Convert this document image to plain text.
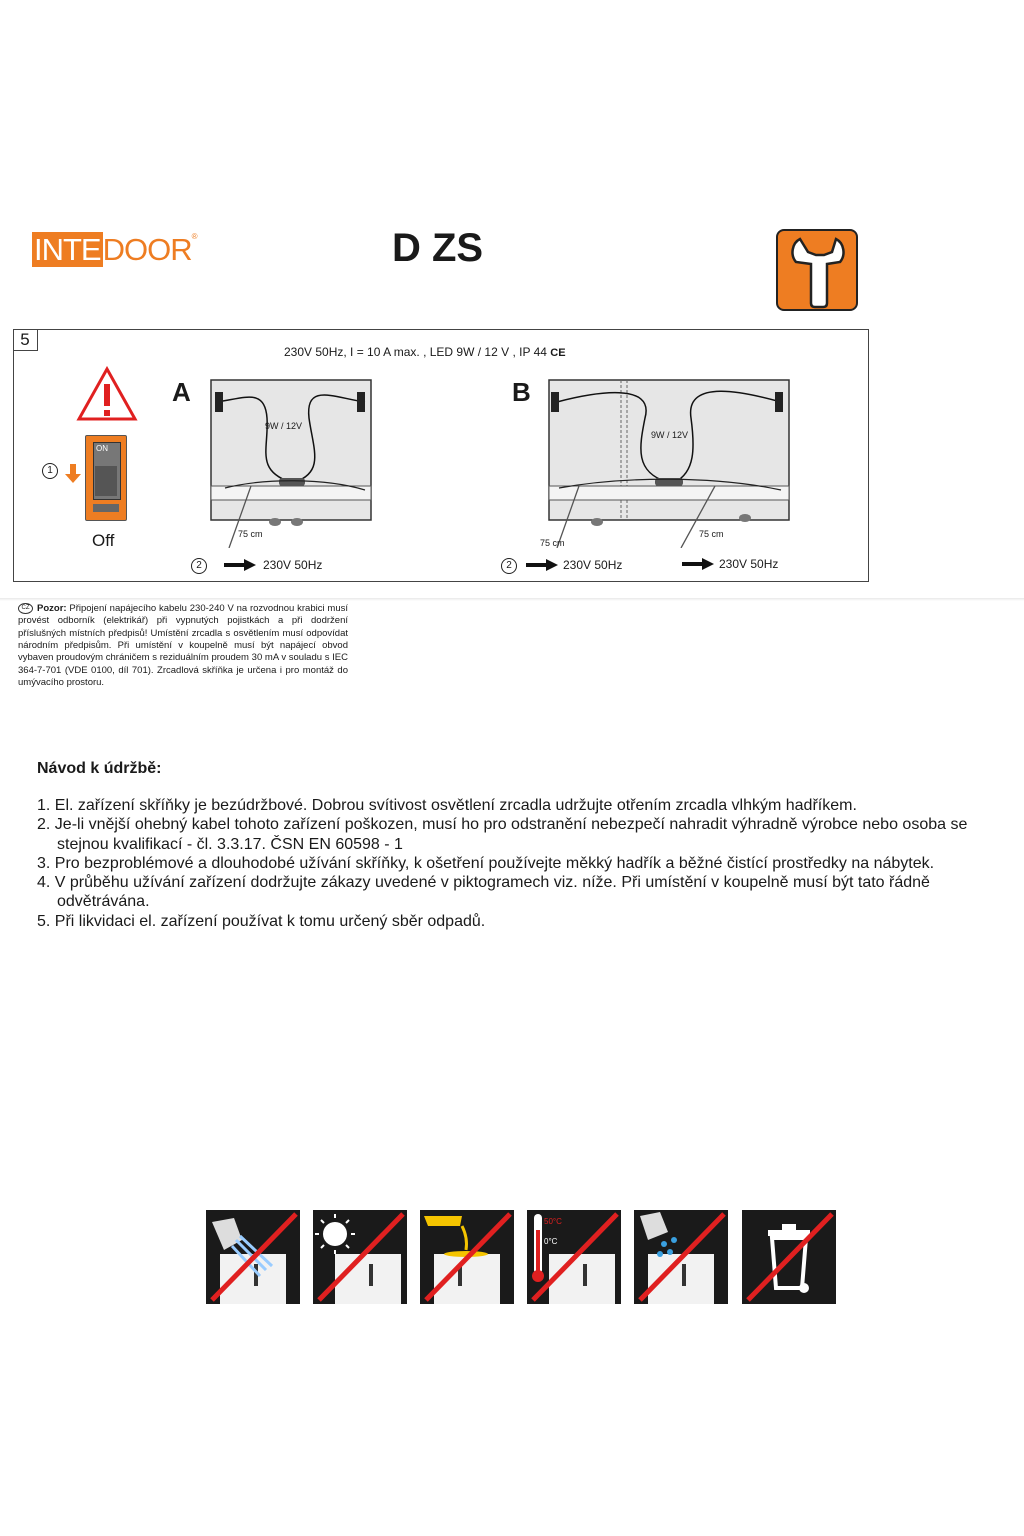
INTEDOOR®	D ZS
5
230V 50Hz, I = 10 A max. , LED 9W / 12 V , IP 44 CE
1
ON
Off
A
9W / 12V
75 cm
2	230V 50Hz
B
9W / 12V
75 cm
75 cm
2	230V 50Hz	230V 50Hz
CZ Pozor: Připojení napájecího kabelu 230-240 V na rozvodnou krabici musí provést odborník (elektrikář) při vypnutých pojistkách a při dodržení příslušných místních předpisů! Umístění zrcadla s osvětlením musí odpovídat národním předpisům. Při umístění v koupelně musí být napájecí obvod vybaven proudovým chráničem s reziduálním proudem 30 mA v souladu s IEC 364-7-701 (VDE 0100, díl 701). Zrcadlová skříňka je určena i pro montáž do umývacího prostoru.
Návod k údržbě:
1. El. zařízení skříňky je bezúdržbové. Dobrou svítivost osvětlení zrcadla udržujte otřením zrcadla vlhkým hadříkem.
2. Je-li vnější ohebný kabel tohoto zařízení poškozen, musí ho pro odstranění nebezpečí nahradit výhradně výrobce nebo osoba se stejnou kvalifikací - čl. 3.3.17. ČSN EN 60598 - 1
3. Pro bezproblémové a dlouhodobé užívání skříňky, k ošetření používejte měkký hadřík a běžné čistící prostředky na nábytek.
4. V průběhu užívání zařízení dodržujte zákazy uvedené v piktogramech viz. níže. Při umístění v koupelně musí být tato řádně odvětrávána.
5. Při likvidaci el. zařízení používat k tomu určený sběr odpadů.
50°C
0°C
